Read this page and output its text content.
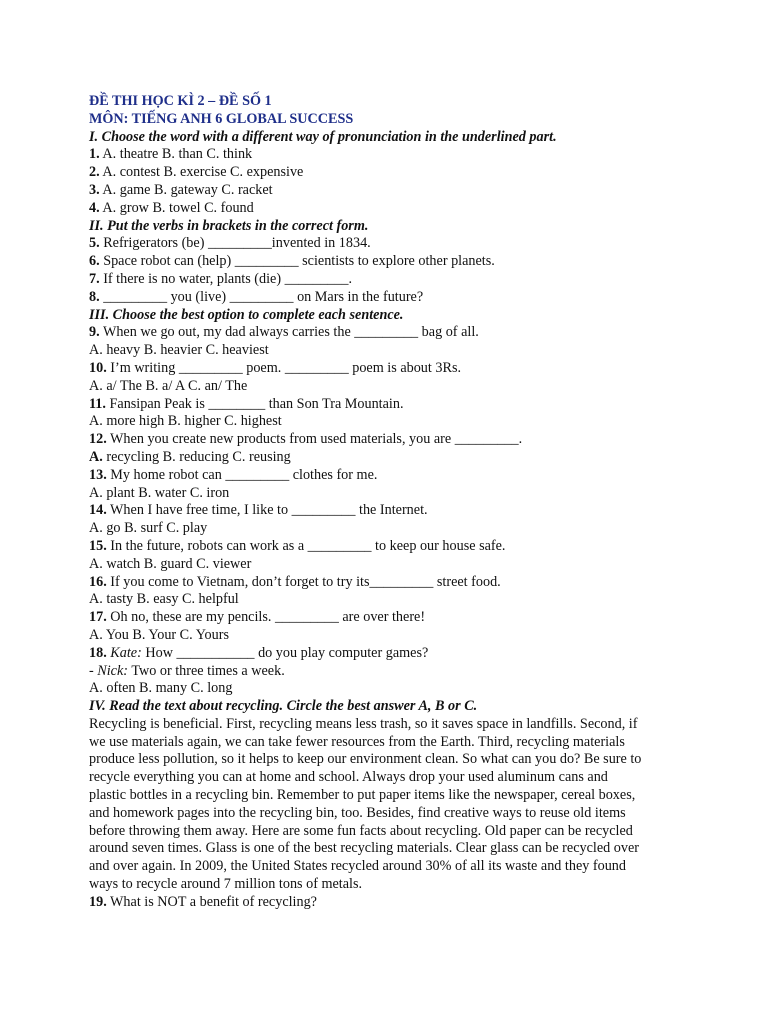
ĐỀ THI HỌC KÌ 2 – ĐỀ SỐ 1
MÔN: TIẾNG ANH 6 GLOBAL SUCCESS
I. Choose the word with a different way of pronunciation in the underlined part.
1. A. theatre B. than C. think
2. A. contest B. exercise C. expensive
3. A. game B. gateway C. racket
4. A. grow B. towel C. found
II. Put the verbs in brackets in the correct form.
5. Refrigerators (be) _________invented in 1834.
6. Space robot can (help) _________ scientists to explore other planets.
7. If there is no water, plants (die) _________.
8. _________ you (live) _________ on Mars in the future?
III. Choose the best option to complete each sentence.
9. When we go out, my dad always carries the _________ bag of all.
A. heavy B. heavier C. heaviest
10. I’m writing _________ poem. _________ poem is about 3Rs.
A. a/ The B. a/ A C. an/ The
11. Fansipan Peak is ________ than Son Tra Mountain.
A. more high B. higher C. highest
12. When you create new products from used materials, you are _________.
A. recycling B. reducing C. reusing
13. My home robot can _________ clothes for me.
A. plant B. water C. iron
14. When I have free time, I like to _________ the Internet.
A. go B. surf C. play
15. In the future, robots can work as a _________ to keep our house safe.
A. watch B. guard C. viewer
16. If you come to Vietnam, don’t forget to try its_________ street food.
A. tasty B. easy C. helpful
17. Oh no, these are my pencils. _________ are over there!
A. You B. Your C. Yours
18. Kate: How ___________ do you play computer games?
- Nick: Two or three times a week.
A. often B. many C. long
IV. Read the text about recycling. Circle the best answer A, B or C.
Recycling is beneficial. First, recycling means less trash, so it saves space in landfills. Second, if
we use materials again, we can take fewer resources from the Earth. Third, recycling materials
produce less pollution, so it helps to keep our environment clean. So what can you do? Be sure to
recycle everything you can at home and school. Always drop your used aluminum cans and
plastic bottles in a recycling bin. Remember to put paper items like the newspaper, cereal boxes,
and homework pages into the recycling bin, too. Besides, find creative ways to reuse old items
before throwing them away. Here are some fun facts about recycling. Old paper can be recycled
around seven times. Glass is one of the best recycling materials. Clear glass can be recycled over
and over again. In 2009, the United States recycled around 30% of all its waste and they found
ways to recycle around 7 million tons of metals.
19. What is NOT a benefit of recycling?
